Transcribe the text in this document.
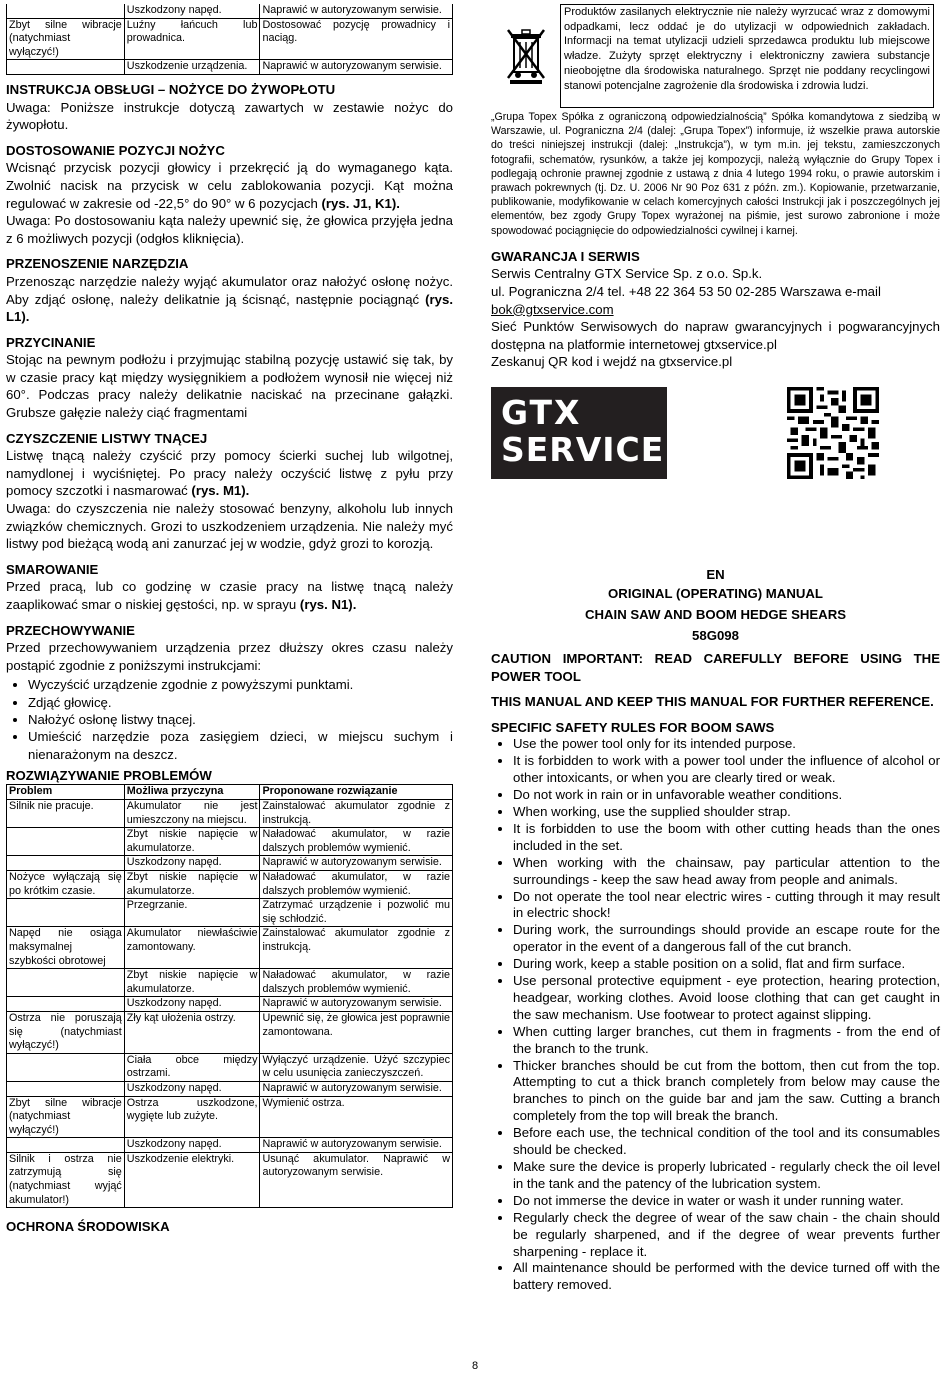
	Uszkodzony napęd.	Naprawić w autoryzowanym serwisie.
Zbyt silne wibracje (natychmiast wyłączyć!)	Luźny łańcuch lub prowadnica.	Dostosować pozycję prowadnicy i naciąg.
	Uszkodzenie urządzenia.	Naprawić w autoryzowanym serwisie.
INSTRUKCJA OBSŁUGI – NOŻYCE DO ŻYWOPŁOTU

Uwaga: Poniższe instrukcje dotyczą zawartych w zestawie nożyc do żywopłotu.

DOSTOSOWANIE POZYCJI NOŻYC

Wcisnąć przycisk pozycji głowicy i przekręcić ją do wymaganego kąta. Zwolnić nacisk na przycisk w celu zablokowania pozycji. Kąt można regulować w zakresie od -22,5° do 90° w 6 pozycjach (rys. J1, K1).

Uwaga: Po dostosowaniu kąta należy upewnić się, że głowica przyjęła jedna z 6 możliwych pozycji (odgłos kliknięcia).

PRZENOSZENIE NARZĘDZIA

Przenosząc narzędzie należy wyjąć akumulator oraz nałożyć osłonę nożyc. Aby zdjąć osłonę, należy delikatnie ją ścisnąć, następnie pociągnąć (rys. L1).

PRZYCINANIE

Stojąc na pewnym podłożu i przyjmując stabilną pozycję ustawić się tak, by w czasie pracy kąt między wysięgnikiem a podłożem wynosił nie więcej niż 60°. Podczas pracy należy delikatnie naciskać na przecinane gałązki. Grubsze gałęzie należy ciąć fragmentami

CZYSZCZENIE LISTWY TNĄCEJ

Listwę tnącą należy czyścić przy pomocy ścierki suchej lub wilgotnej, namydlonej i wyciśniętej. Po pracy należy oczyścić listwę z pyłu przy pomocy szczotki i nasmarować (rys. M1).

Uwaga: do czyszczenia nie należy stosować benzyny, alkoholu lub innych związków chemicznych. Grozi to uszkodzeniem urządzenia. Nie należy myć listwy pod bieżącą wodą ani zanurzać jej w wodzie, gdyż grozi to korozją.

SMAROWANIE

Przed pracą, lub co godzinę w czasie pracy na listwę tnącą należy zaaplikować smar o niskiej gęstości, np. w sprayu (rys. N1).

PRZECHOWYWANIE

Przed przechowywaniem urządzenia przez dłuższy okres czasu należy postąpić zgodnie z poniższymi instrukcjami:

• Wyczyścić urządzenie zgodnie z powyższymi punktami.
• Zdjąć głowicę.
• Nałożyć osłonę listwy tnącej.
• Umieścić narzędzie poza zasięgiem dzieci, w miejscu suchym i nienarażonym na deszcz.
ROZWIĄZYWANIE PROBLEMÓW
Problem	Możliwa przyczyna	Proponowane rozwiązanie
Silnik nie pracuje.	Akumulator nie jest umieszczony na miejscu.	Zainstalować akumulator zgodnie z instrukcją.
	Zbyt niskie napięcie w akumulatorze.	Naładować akumulator, w razie dalszych problemów wymienić.
	Uszkodzony napęd.	Naprawić w autoryzowanym serwisie.
Nożyce wyłączają się po krótkim czasie.	Zbyt niskie napięcie w akumulatorze.	Naładować akumulator, w razie dalszych problemów wymienić.
	Przegrzanie.	Zatrzymać urządzenie i pozwolić mu się schłodzić.
Napęd nie osiąga maksymalnej szybkości obrotowej	Akumulator niewłaściwie zamontowany.	Zainstalować akumulator zgodnie z instrukcją.
	Zbyt niskie napięcie w akumulatorze.	Naładować akumulator, w razie dalszych problemów wymienić.
	Uszkodzony napęd.	Naprawić w autoryzowanym serwisie.
Ostrza nie poruszają się (natychmiast wyłączyć!)	Zły kąt ułożenia ostrzy.	Upewnić się, że głowica jest poprawnie zamontowana.
	Ciała obce między ostrzami.	Wyłączyć urządzenie. Użyć szczypiec w celu usunięcia zanieczyszczeń.
	Uszkodzony napęd.	Naprawić w autoryzowanym serwisie.
Zbyt silne wibracje (natychmiast wyłączyć!)	Ostrza uszkodzone, wygięte lub zużyte.	Wymienić ostrza.
	Uszkodzony napęd.	Naprawić w autoryzowanym serwisie.
Silnik i ostrza nie zatrzymują się (natychmiast wyjąć akumulator!)	Uszkodzenie elektryki.	Usunąć akumulator. Naprawić w autoryzowanym serwisie.
OCHRONA ŚRODOWISKA

Produktów zasilanych elektrycznie nie należy wyrzucać wraz z domowymi odpadkami, lecz oddać je do utylizacji w odpowiednich zakładach. Informacji na temat utylizacji udzieli sprzedawca produktu lub miejscowe władze. Zużyty sprzęt elektryczny i elektroniczny zawiera substancje nieobojętne dla środowiska naturalnego. Sprzęt nie poddany recyclingowi stanowi potencjalne zagrożenie dla środowiska i zdrowia ludzi.

„Grupa Topex Spółka z ograniczoną odpowiedzialnością” Spółka komandytowa z siedzibą w Warszawie, ul. Pograniczna 2/4 (dalej: „Grupa Topex”) informuje, iż wszelkie prawa autorskie do treści niniejszej instrukcji (dalej: „Instrukcja”), w tym m.in. jej tekstu, zamieszczonych fotografii, schematów, rysunków, a także jej kompozycji, należą wyłącznie do Grupy Topex i podlegają ochronie prawnej zgodnie z ustawą z dnia 4 lutego 1994 roku, o prawie autorskim i prawach pokrewnych (tj. Dz. U. 2006 Nr 90 Poz 631 z późn. zm.). Kopiowanie, przetwarzanie, publikowanie, modyfikowanie w celach komercyjnych całości Instrukcji jak i poszczególnych jej elementów, bez zgody Grupy Topex wyrażonej na piśmie, jest surowo zabronione i może spowodować pociągnięcie do odpowiedzialności cywilnej i karnej.

GWARANCJA I SERWIS

Serwis Centralny GTX Service Sp. z o.o. Sp.k.

ul. Pograniczna 2/4 tel. +48 22 364 53 50 02-285 Warszawa e-mail

bok@gtxservice.com

Sieć Punktów Serwisowych do napraw gwarancyjnych i pogwarancyjnych dostępna na platformie internetowej gtxservice.pl

Zeskanuj QR kod i wejdź na gtxservice.pl

GTX
SERVICE

EN

ORIGINAL (OPERATING) MANUAL

CHAIN SAW AND BOOM HEDGE SHEARS

58G098

CAUTION IMPORTANT: READ CAREFULLY BEFORE USING THE POWER TOOL

THIS MANUAL AND KEEP THIS MANUAL FOR FURTHER REFERENCE.

SPECIFIC SAFETY RULES FOR BOOM SAWS
• Use the power tool only for its intended purpose.
• It is forbidden to work with a power tool under the influence of alcohol or other intoxicants, or when you are clearly tired or weak.
• Do not work in rain or in unfavorable weather conditions.
• When working, use the supplied shoulder strap.
• It is forbidden to use the boom with other cutting heads than the ones included in the set.
• When working with the chainsaw, pay particular attention to the surroundings - keep the saw head away from people and animals.
• Do not operate the tool near electric wires - cutting through it may result in electric shock!
• During work, the surroundings should provide an escape route for the operator in the event of a dangerous fall of the cut branch.
• During work, keep a stable position on a solid, flat and firm surface.
• Use personal protective equipment - eye protection, hearing protection, headgear, working clothes. Avoid loose clothing that can get caught in the saw mechanism. Use footwear to protect against slipping.
• When cutting larger branches, cut them in fragments - from the end of the branch to the trunk.
• Thicker branches should be cut from the bottom, then cut from the top. Attempting to cut a thick branch completely from below may cause the branches to pinch on the guide bar and jam the saw. Cutting a branch completely from the top will break the branch.
• Before each use, the technical condition of the tool and its consumables should be checked.
• Make sure the device is properly lubricated - regularly check the oil level in the tank and the patency of the lubrication system.
• Do not immerse the device in water or wash it under running water.
• Regularly check the degree of wear of the saw chain - the chain should be regularly sharpened, and if the degree of wear prevents further sharpening - replace it.
• All maintenance should be performed with the device turned off with the battery removed.
8
